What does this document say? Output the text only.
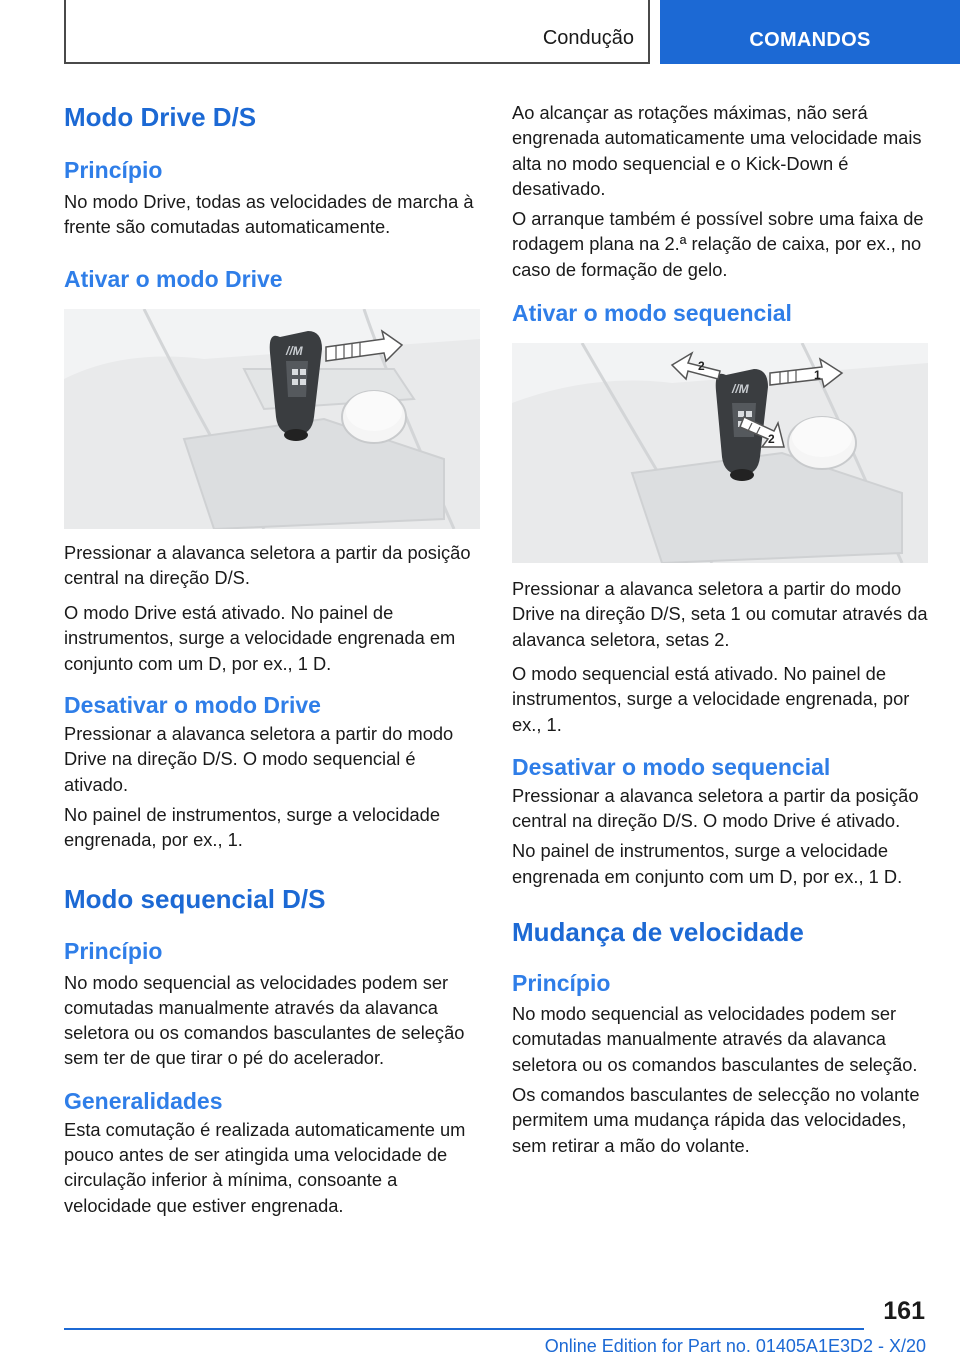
Condução	COMANDOS
Modo Drive D/S
Princípio

No modo Drive, todas as velocidades de marcha à frente são comutadas automaticamente.

Ativar o modo Drive
//M

Pressionar a alavanca seletora a partir da posição central na direção D/S.

O modo Drive está ativado. No painel de instrumentos, surge a velocidade engrenada em conjunto com um D, por ex., 1 D.

Desativar o modo Drive

Pressionar a alavanca seletora a partir do modo Drive na direção D/S. O modo sequencial é ativado.

No painel de instrumentos, surge a velocidade engrenada, por ex., 1.

Modo sequencial D/S
Princípio

No modo sequencial as velocidades podem ser comutadas manualmente através da alavanca seletora ou os comandos basculantes de seleção sem ter de que tirar o pé do acelerador.

Generalidades

Esta comutação é realizada automaticamente um pouco antes de ser atingida uma velocidade de circulação inferior à mínima, consoante a velocidade que estiver engrenada.

Ao alcançar as rotações máximas, não será engrenada automaticamente uma velocidade mais alta no modo sequencial e o Kick-Down é desativado.

O arranque também é possível sobre uma faixa de rodagem plana na 2.ª relação de caixa, por ex., no caso de formação de gelo.

Ativar o modo sequencial
//M
1
2
2

Pressionar a alavanca seletora a partir do modo Drive na direção D/S, seta 1 ou comutar através da alavanca seletora, setas 2.

O modo sequencial está ativado. No painel de instrumentos, surge a velocidade engrenada, por ex., 1.

Desativar o modo sequencial

Pressionar a alavanca seletora a partir da posição central na direção D/S. O modo Drive é ativado.

No painel de instrumentos, surge a velocidade engrenada em conjunto com um D, por ex., 1 D.

Mudança de velocidade
Princípio

No modo sequencial as velocidades podem ser comutadas manualmente através da alavanca seletora ou os comandos basculantes de seleção.

Os comandos basculantes de selecção no volante permitem uma mudança rápida das velocidades, sem retirar a mão do volante.

161
Online Edition for Part no. 01405A1E3D2 - X/20
